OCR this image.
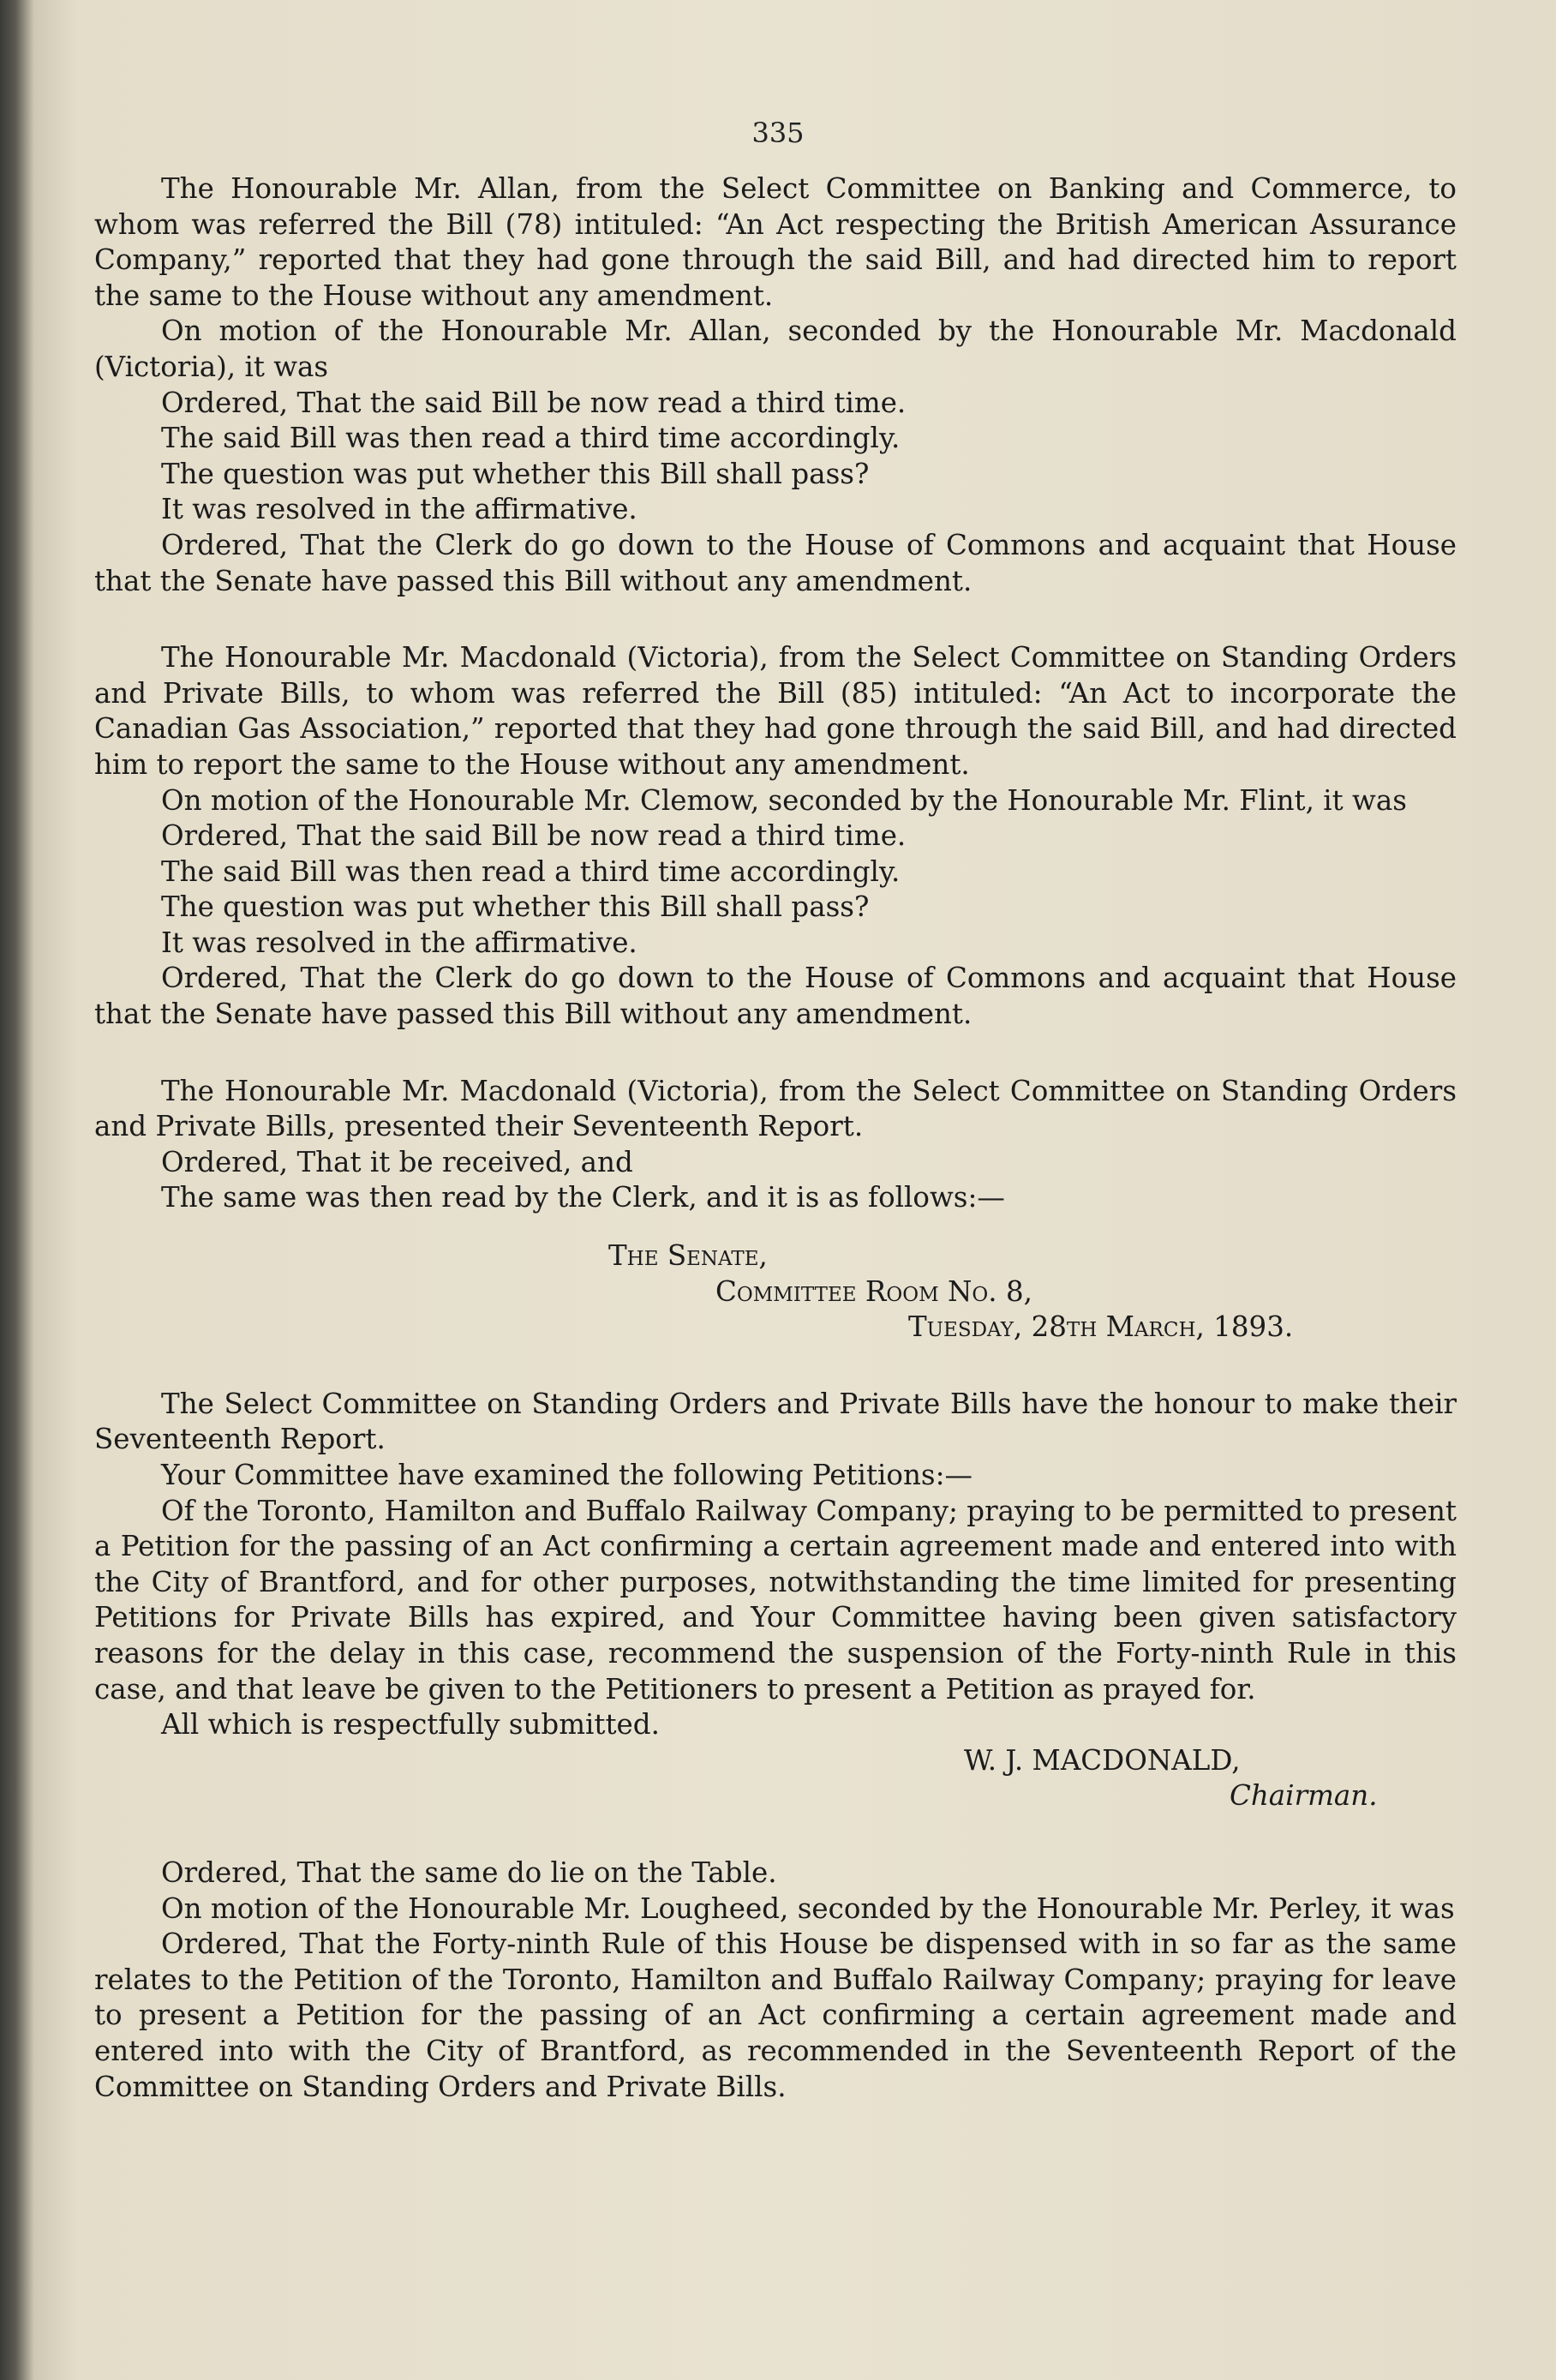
335

The Honourable Mr. Allan, from the Select Committee on Banking and Commerce, to whom was referred the Bill (78) intituled: “An Act respecting the British American Assurance Company,” reported that they had gone through the said Bill, and had directed him to report the same to the House without any amendment.

On motion of the Honourable Mr. Allan, seconded by the Honourable Mr. Macdonald (Victoria), it was

Ordered, That the said Bill be now read a third time.

The said Bill was then read a third time accordingly.

The question was put whether this Bill shall pass?

It was resolved in the affirmative.

Ordered, That the Clerk do go down to the House of Commons and acquaint that House that the Senate have passed this Bill without any amendment.

The Honourable Mr. Macdonald (Victoria), from the Select Committee on Standing Orders and Private Bills, to whom was referred the Bill (85) intituled: “An Act to incorporate the Canadian Gas Association,” reported that they had gone through the said Bill, and had directed him to report the same to the House without any amendment.

On motion of the Honourable Mr. Clemow, seconded by the Honourable Mr. Flint, it was

Ordered, That the said Bill be now read a third time.

The said Bill was then read a third time accordingly.

The question was put whether this Bill shall pass?

It was resolved in the affirmative.

Ordered, That the Clerk do go down to the House of Commons and acquaint that House that the Senate have passed this Bill without any amendment.

The Honourable Mr. Macdonald (Victoria), from the Select Committee on Standing Orders and Private Bills, presented their Seventeenth Report.

Ordered, That it be received, and

The same was then read by the Clerk, and it is as follows:—

The Senate,

Committee Room No. 8,

Tuesday, 28th March, 1893.

The Select Committee on Standing Orders and Private Bills have the honour to make their Seventeenth Report.

Your Committee have examined the following Petitions:—

Of the Toronto, Hamilton and Buffalo Railway Company; praying to be permitted to present a Petition for the passing of an Act confirming a certain agreement made and entered into with the City of Brantford, and for other purposes, notwithstanding the time limited for presenting Petitions for Private Bills has expired, and Your Committee having been given satisfactory reasons for the delay in this case, recommend the suspension of the Forty-ninth Rule in this case, and that leave be given to the Petitioners to present a Petition as prayed for.

All which is respectfully submitted.

W. J. MACDONALD,

Chairman.

Ordered, That the same do lie on the Table.

On motion of the Honourable Mr. Lougheed, seconded by the Honourable Mr. Perley, it was

Ordered, That the Forty-ninth Rule of this House be dispensed with in so far as the same relates to the Petition of the Toronto, Hamilton and Buffalo Railway Company; praying for leave to present a Petition for the passing of an Act confirming a certain agreement made and entered into with the City of Brantford, as recommended in the Seventeenth Report of the Committee on Standing Orders and Private Bills.
